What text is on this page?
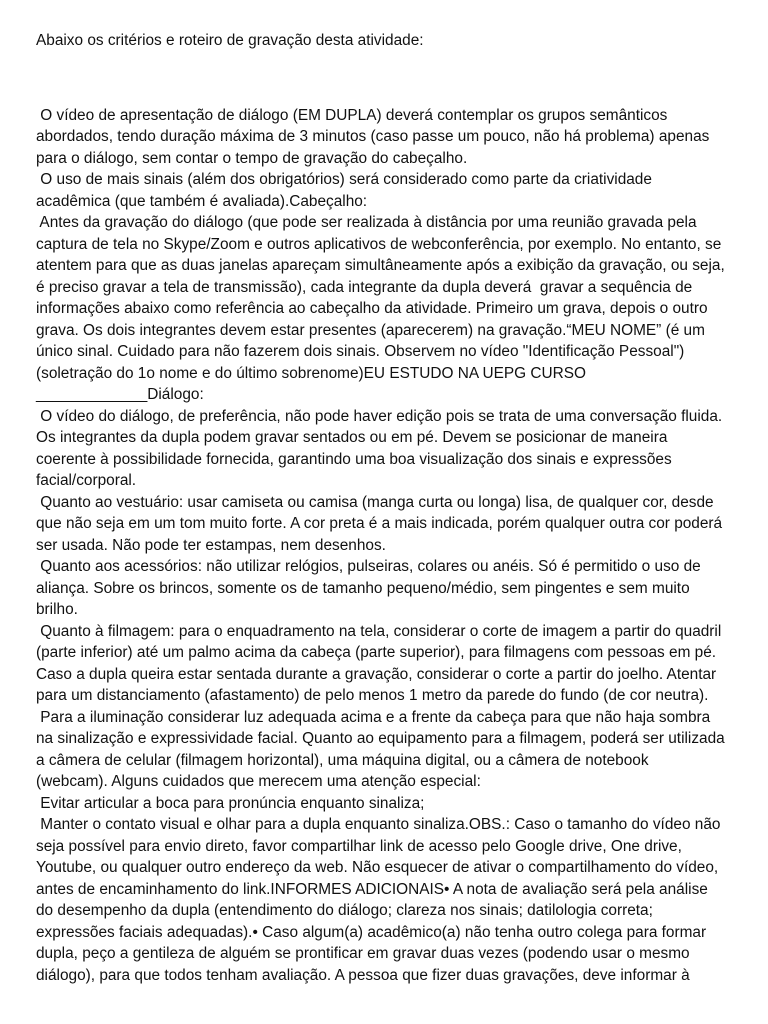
Abaixo os critérios e roteiro de gravação desta atividade:

O vídeo de apresentação de diálogo (EM DUPLA) deverá contemplar os grupos semânticos
abordados, tendo duração máxima de 3 minutos (caso passe um pouco, não há problema) apenas
para o diálogo, sem contar o tempo de gravação do cabeçalho.
O uso de mais sinais (além dos obrigatórios) será considerado como parte da criatividade
acadêmica (que também é avaliada).Cabeçalho:
Antes da gravação do diálogo (que pode ser realizada à distância por uma reunião gravada pela
captura de tela no Skype/Zoom e outros aplicativos de webconferência, por exemplo. No entanto, se
atentem para que as duas janelas apareçam simultâneamente após a exibição da gravação, ou seja,
é preciso gravar a tela de transmissão), cada integrante da dupla deverá  gravar a sequência de
informações abaixo como referência ao cabeçalho da atividade. Primeiro um grava, depois o outro
grava. Os dois integrantes devem estar presentes (aparecerem) na gravação.“MEU NOME” (é um
único sinal. Cuidado para não fazerem dois sinais. Observem no vídeo "Identificação Pessoal")
(soletração do 1o nome e do último sobrenome)EU ESTUDO NA UEPG CURSO
_____________Diálogo:
O vídeo do diálogo, de preferência, não pode haver edição pois se trata de uma conversação fluida.
Os integrantes da dupla podem gravar sentados ou em pé. Devem se posicionar de maneira
coerente à possibilidade fornecida, garantindo uma boa visualização dos sinais e expressões
facial/corporal.
Quanto ao vestuário: usar camiseta ou camisa (manga curta ou longa) lisa, de qualquer cor, desde
que não seja em um tom muito forte. A cor preta é a mais indicada, porém qualquer outra cor poderá
ser usada. Não pode ter estampas, nem desenhos.
Quanto aos acessórios: não utilizar relógios, pulseiras, colares ou anéis. Só é permitido o uso de
aliança. Sobre os brincos, somente os de tamanho pequeno/médio, sem pingentes e sem muito
brilho.
Quanto à filmagem: para o enquadramento na tela, considerar o corte de imagem a partir do quadril
(parte inferior) até um palmo acima da cabeça (parte superior), para filmagens com pessoas em pé.
Caso a dupla queira estar sentada durante a gravação, considerar o corte a partir do joelho. Atentar
para um distanciamento (afastamento) de pelo menos 1 metro da parede do fundo (de cor neutra).
Para a iluminação considerar luz adequada acima e a frente da cabeça para que não haja sombra
na sinalização e expressividade facial. Quanto ao equipamento para a filmagem, poderá ser utilizada
a câmera de celular (filmagem horizontal), uma máquina digital, ou a câmera de notebook
(webcam). Alguns cuidados que merecem uma atenção especial:
Evitar articular a boca para pronúncia enquanto sinaliza;
Manter o contato visual e olhar para a dupla enquanto sinaliza.OBS.: Caso o tamanho do vídeo não
seja possível para envio direto, favor compartilhar link de acesso pelo Google drive, One drive,
Youtube, ou qualquer outro endereço da web. Não esquecer de ativar o compartilhamento do vídeo,
antes de encaminhamento do link.INFORMES ADICIONAIS• A nota de avaliação será pela análise
do desempenho da dupla (entendimento do diálogo; clareza nos sinais; datilologia correta;
expressões faciais adequadas).• Caso algum(a) acadêmico(a) não tenha outro colega para formar
dupla, peço a gentileza de alguém se prontificar em gravar duas vezes (podendo usar o mesmo
diálogo), para que todos tenham avaliação. A pessoa que fizer duas gravações, deve informar à
